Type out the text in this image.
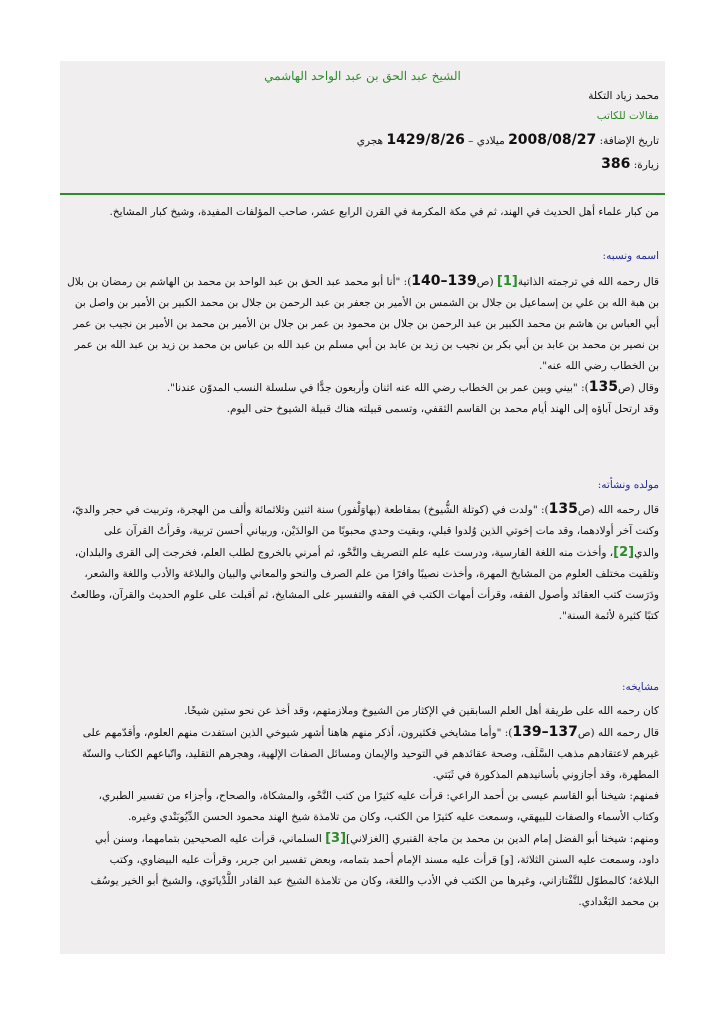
الشيخ عبد الحق بن عبد الواحد الهاشمي
محمد زياد التكلة
مقالات للكاتب
تاريخ الإضافة: 2008/08/27 ميلادي – 1429/8/26 هجري
زيارة: 386
من كبار علماء أهل الحديث في الهند، ثم في مكة المكرمة في القرن الرابع عشر، صاحب المؤلفات المفيدة، وشيخ كبار المشايخ.
اسمه ونسبه:
قال رحمه الله في ترجمته الذاتية[1] (ص139–140): "أنا أبو محمد عبد الحق بن عبد الواحد بن محمد بن الهاشم بن رمضان بن بلال
بن هبة الله بن علي بن إسماعيل بن جلال بن الشمس بن الأمير بن جعفر بن عبد الرحمن بن جلال بن محمد الكبير بن الأمير بن واصل بن
أبي العباس بن هاشم بن محمد الكبير بن عبد الرحمن بن جلال بن محمود بن عمر بن جلال بن الأمير بن محمد بن الأمير بن نجيب بن عمر
بن نصير بن محمد بن عابد بن أبي بكر بن نجيب بن زيد بن عابد بن أبي مسلم بن عبد الله بن عباس بن محمد بن زيد بن عبد الله بن عمر
بن الخطاب رضي الله عنه".
وقال (ص135): "بيني وبين عمر بن الخطاب رضي الله عنه اثنان وأربعون جدًّا في سلسلة النسب المدوّن عندنا".
وقد ارتحل آباؤه إلى الهند أيام محمد بن القاسم الثقفي، وتسمى قبيلته هناك قبيلة الشيوخ حتى اليوم.
مولده ونشأته:
قال رحمه الله (ص135): "ولدت في (كوتلة الشُّيوخ) بمقاطعة (بهاوَلْفور) سنة اثنين وثلاثمائة وألف من الهجرة، وتربيت في حجر والديّ،
وكنت آخر أولادهما، وقد مات إخوتي الذين وُلدوا قبلي، وبقيت وحدي محبوبًا من الوالدَيْن، وربياني أحسن تربية، وقرأتُ القرآن على
والدي[2]، وأخذت منه اللغة الفارسية، ودرست عليه علم التصريف والنَّحْو، ثم أمرني بالخروج لطلب العلم، فخرجت إلى القرى والبلدان،
وتلقيت مختلف العلوم من المشايخ المهرة، وأخذت نصيبًا وافرًا من علم الصرف والنحو والمعاني والبيان والبلاغة والأدب واللغة والشعر،
ودَرَست كتب العقائد وأصول الفقه، وقرأت أمهات الكتب في الفقه والتفسير على المشايخ، ثم أقبلت على علوم الحديث والقرآن، وطالعتُ
كتبًا كثيرة لأئمة السنة".
مشايخه:
كان رحمه الله على طريقة أهل العلم السابقين في الإكثار من الشيوخ وملازمتهم، وقد أخذ عن نحو ستين شيخًا.
قال رحمه الله (ص137–139): "وأما مشايخي فكثيرون، أذكر منهم هاهنا أشهر شيوخي الذين استفدت منهم العلوم، وأقدّمهم على
غيرهم لاعتقادهم مذهب السَّلَف، وصحة عقائدهم في التوحيد والإيمان ومسائل الصفات الإلهية، وهجرهم التقليد، واتّباعهم الكتاب والسنّة
المطهرة، وقد أجازوني بأسانيدهم المذكورة في ثَبَتي.
فمنهم: شيخنا أبو القاسم عيسى بن أحمد الراعي: قرأت عليه كثيرًا من كتب النَّحْو، والمشكاة، والصحاح، وأجزاء من تفسير الطبري،
وكتاب الأسماء والصفات للبيهقي، وسمعت عليه كثيرًا من الكتب، وكان من تلامذة شيخ الهند محمود الحسن الدِّيُوبَنْدي وغيره.
ومنهم: شيخنا أبو الفضل إمام الدين بن محمد بن ماجة القنبري [الغزلاني][3] السلماني، قرأت عليه الصحيحين بتمامهما، وسنن أبي
داود، وسمعت عليه السنن الثلاثة، [و] قرأت عليه مسند الإمام أحمد بتمامه، وبعض تفسير ابن جرير، وقرأت عليه البيضاوي، وكتب
البلاغة؛ كالمطوّل للتَّفْتازاني، وغيرها من الكتب في الأدب واللغة، وكان من تلامذة الشيخ عبد القادر اللُّدْيانَوي، والشيخ أبو الخير يوسُف
بن محمد البَغْدادي.
